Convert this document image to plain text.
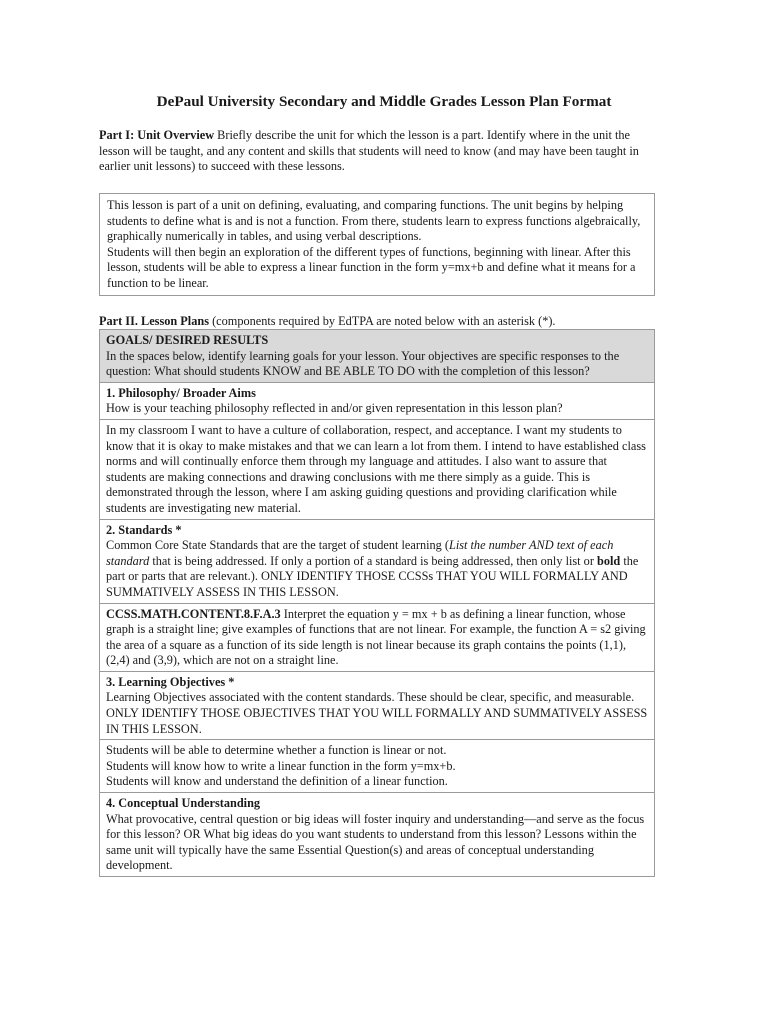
DePaul University Secondary and Middle Grades Lesson Plan Format

Part I: Unit Overview Briefly describe the unit for which the lesson is a part. Identify where in the unit the lesson will be taught, and any content and skills that students will need to know (and may have been taught in earlier unit lessons) to succeed with these lessons.

This lesson is part of a unit on defining, evaluating, and comparing functions. The unit begins by helping students to define what is and is not a function. From there, students learn to express functions algebraically, graphically numerically in tables, and using verbal descriptions.

Students will then begin an exploration of the different types of functions, beginning with linear. After this lesson, students will be able to express a linear function in the form y=mx+b and define what it means for a function to be linear.

Part II. Lesson Plans (components required by EdTPA are noted below with an asterisk (*).

GOALS/ DESIRED RESULTS

In the spaces below, identify learning goals for your lesson. Your objectives are specific responses to the question: What should students KNOW and BE ABLE TO DO with the completion of this lesson?

1. Philosophy/ Broader Aims

How is your teaching philosophy reflected in and/or given representation in this lesson plan?

In my classroom I want to have a culture of collaboration, respect, and acceptance. I want my students to know that it is okay to make mistakes and that we can learn a lot from them. I intend to have established class norms and will continually enforce them through my language and attitudes. I also want to assure that students are making connections and drawing conclusions with me there simply as a guide. This is demonstrated through the lesson, where I am asking guiding questions and providing clarification while students are investigating new material.

2. Standards *

Common Core State Standards that are the target of student learning (List the number AND text of each standard that is being addressed. If only a portion of a standard is being addressed, then only list or bold the part or parts that are relevant.). ONLY IDENTIFY THOSE CCSSs THAT YOU WILL FORMALLY AND SUMMATIVELY ASSESS IN THIS LESSON.

CCSS.MATH.CONTENT.8.F.A.3 Interpret the equation y = mx + b as defining a linear function, whose graph is a straight line; give examples of functions that are not linear. For example, the function A = s2 giving the area of a square as a function of its side length is not linear because its graph contains the points (1,1), (2,4) and (3,9), which are not on a straight line.

3. Learning Objectives *

Learning Objectives associated with the content standards. These should be clear, specific, and measurable. ONLY IDENTIFY THOSE OBJECTIVES THAT YOU WILL FORMALLY AND SUMMATIVELY ASSESS IN THIS LESSON.

Students will be able to determine whether a function is linear or not.

Students will know how to write a linear function in the form y=mx+b.

Students will know and understand the definition of a linear function.

4. Conceptual Understanding

What provocative, central question or big ideas will foster inquiry and understanding—and serve as the focus for this lesson? OR What big ideas do you want students to understand from this lesson? Lessons within the same unit will typically have the same Essential Question(s) and areas of conceptual understanding development.
